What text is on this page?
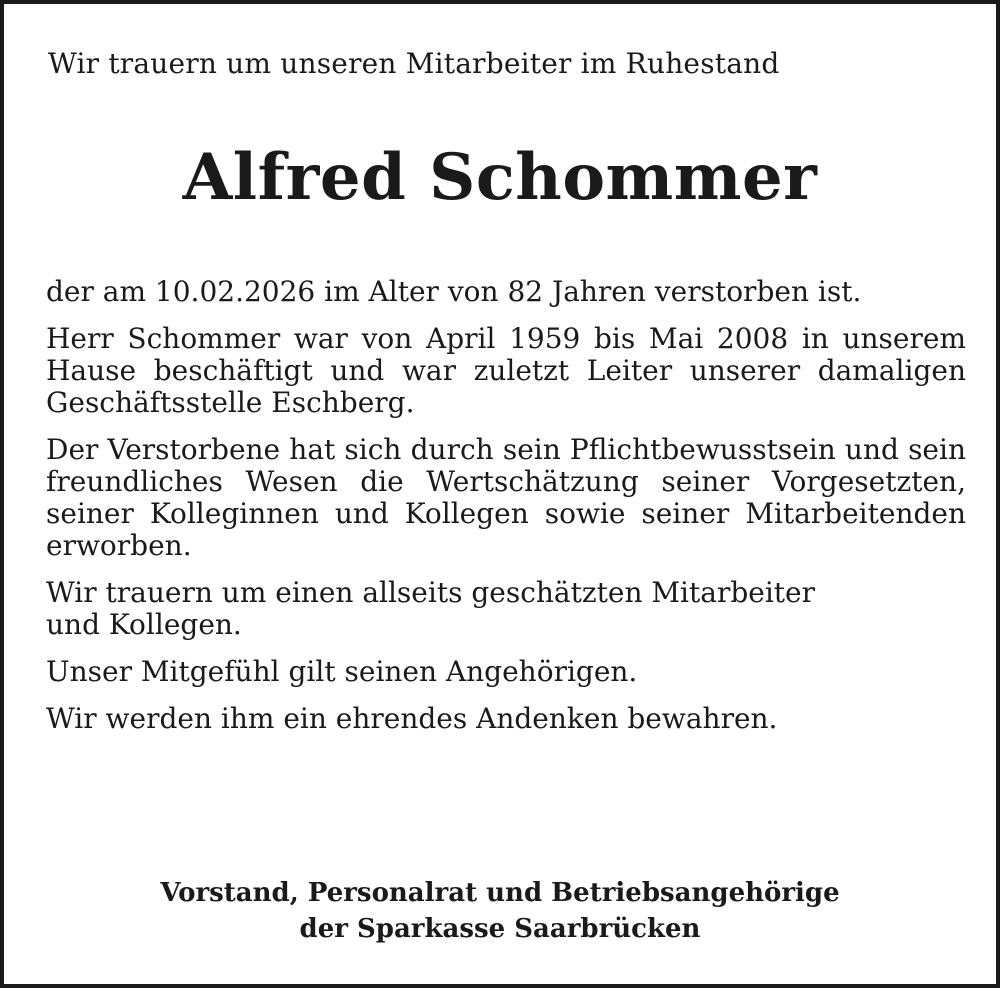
Wir trauern um unseren Mitarbeiter im Ruhestand

Alfred Schommer

der am 10.02.2026 im Alter von 82 Jahren verstorben ist.

Herr Schommer war von April 1959 bis Mai 2008 in unserem Hause beschäftigt und war zuletzt Leiter unserer damaligen Geschäftsstelle Eschberg.

Der Verstorbene hat sich durch sein Pflichtbewusstsein und sein freundliches Wesen die Wertschätzung seiner Vorgesetzten, seiner Kolleginnen und Kollegen sowie seiner Mitarbeitenden erworben.

Wir trauern um einen allseits geschätzten Mitarbeiter
und Kollegen.

Unser Mitgefühl gilt seinen Angehörigen.

Wir werden ihm ein ehrendes Andenken bewahren.

Vorstand, Personalrat und Betriebsangehörige
der Sparkasse Saarbrücken
